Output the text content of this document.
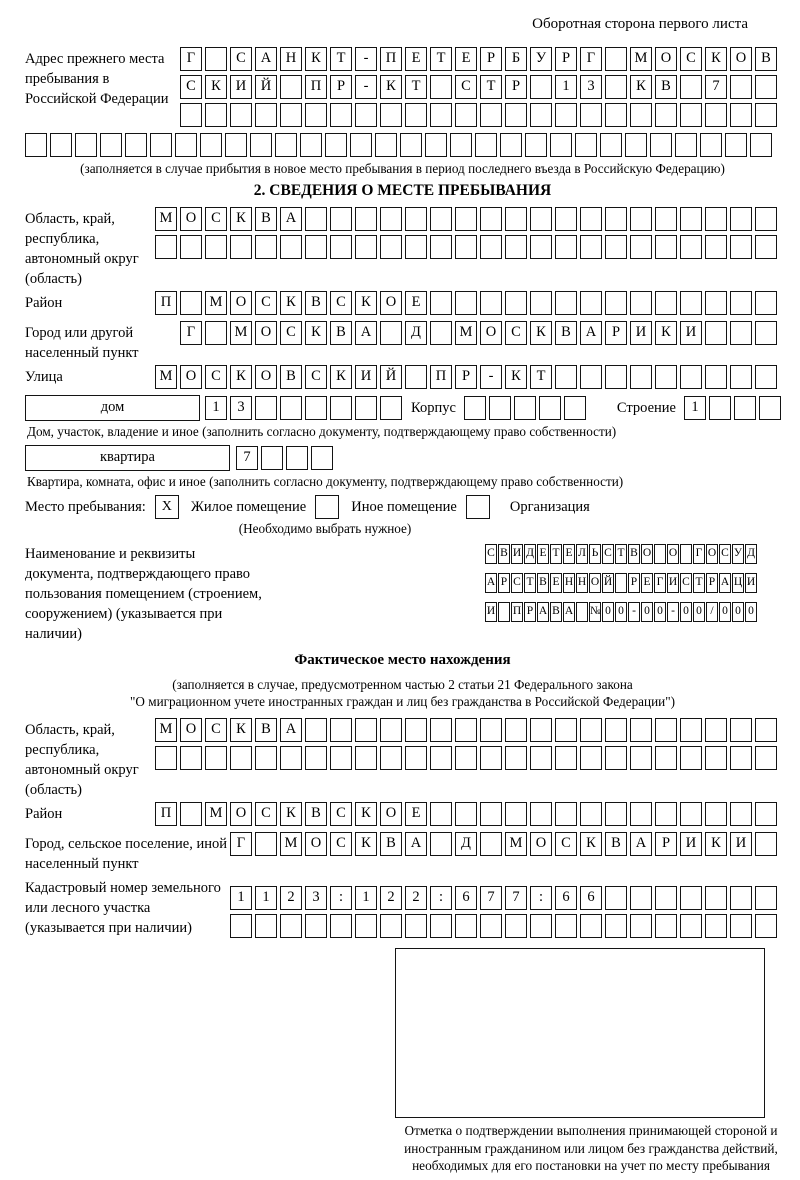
Оборотная сторона первого листа
Адрес прежнего места пребывания в Российской Федерации
Г	С А Н К Т - П Е Т Е Р Б У Р Г	М О С К О В
С К И Й	П Р - К Т	С Т Р	1 3	К В	7
(заполняется в случае прибытия в новое место пребывания в период последнего въезда в Российскую Федерацию)
2. СВЕДЕНИЯ О МЕСТЕ ПРЕБЫВАНИЯ
Область, край, республика, автономный округ (область)
М О С К В А
Район	П	М О С К В С К О Е
Город или другой населенный пункт
Г	М О С К В А	Д	М О С К В А Р И К И
Улица	М О С К О В С К И Й	П Р - К Т
дом	1 3	Корпус	Строение	1
Дом, участок, владение и иное (заполнить согласно документу, подтверждающему право собственности)
квартира	7
Квартира, комната, офис и иное (заполнить согласно документу, подтверждающему право собственности)
Место пребывания:	X	Жилое помещение	Иное помещение	Организация
(Необходимо выбрать нужное)
Наименование и реквизиты документа, подтверждающего право пользования помещением (строением, сооружением) (указывается при наличии)
С В И Д Е Т Е Л Ь С Т В О О Г О С У Д
А Р С Т В Е Н Н О Й Р Е Г И С Т Р А Ц И
И П Р А В А № 0 0 - 0 0 - 0 0 / 0 0 0
Фактическое место нахождения
(заполняется в случае, предусмотренном частью 2 статьи 21 Федерального закона
"О миграционном учете иностранных граждан и лиц без гражданства в Российской Федерации")
Область, край, республика, автономный округ (область)
М О С К В А
Район	П	М О С К В С К О Е
Город, сельское поселение, иной населенный пункт
Г	М О С К В А	Д	М О С К В А Р И К И
Кадастровый номер земельного или лесного участка (указывается при наличии)
1 1 2 3 : 1 2 2 : 6 7 7 : 6 6
Отметка о подтверждении выполнения принимающей стороной и иностранным гражданином или лицом без гражданства действий, необходимых для его постановки на учет по месту пребывания
